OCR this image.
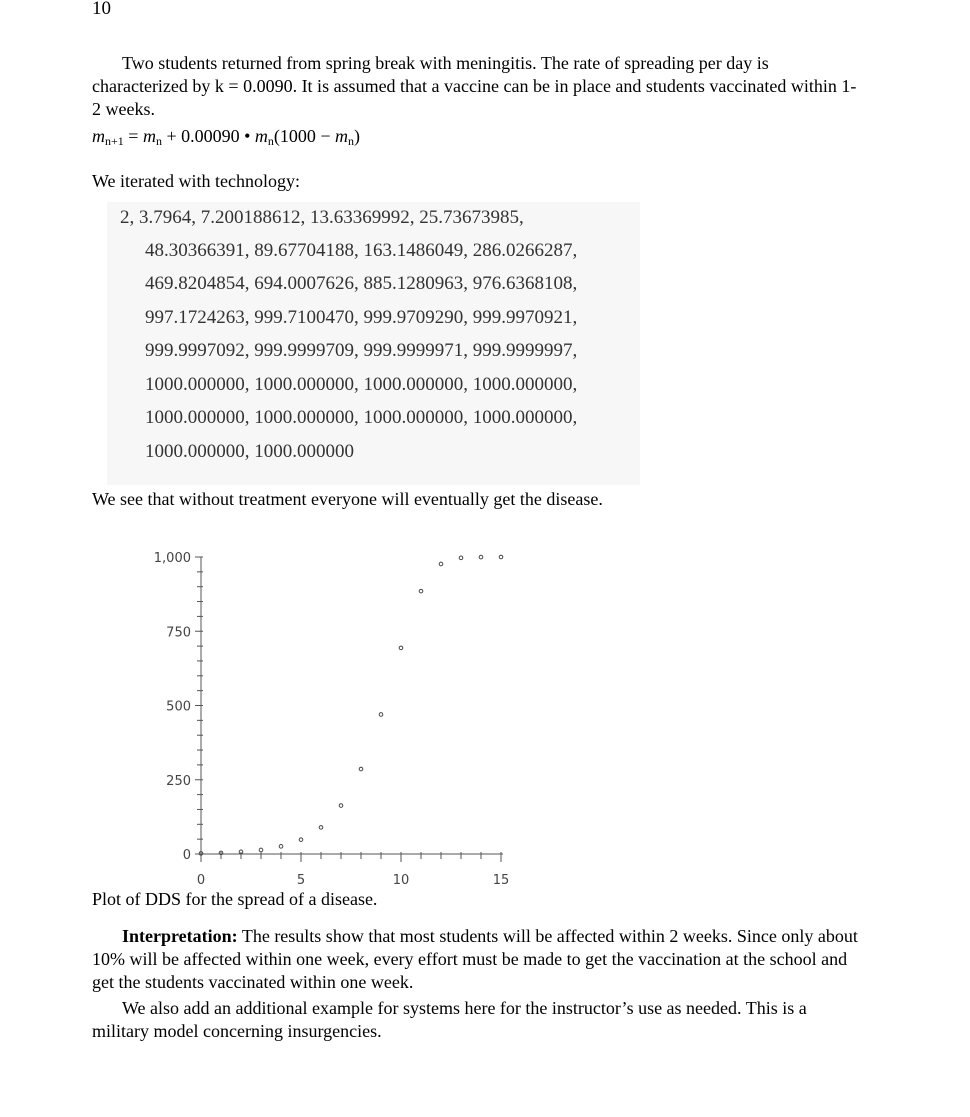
10

Two students returned from spring break with meningitis. The rate of spreading per day is characterized by k = 0.0090. It is assumed that a vaccine can be in place and students vaccinated within 1-2 weeks.

$m_{n+1} = m_n + 0.00090$ • $m_n(1000 - m_n)$

We iterated with technology:

2, 3.7964, 7.200188612, 13.63369992, 25.73673985,
48.30366391, 89.67704188, 163.1486049, 286.0266287,
469.8204854, 694.0007626, 885.1280963, 976.6368108,
997.1724263, 999.7100470, 999.9709290, 999.9970921,
999.9997092, 999.9999709, 999.9999971, 999.9999997,
1000.000000, 1000.000000, 1000.000000, 1000.000000,
1000.000000, 1000.000000, 1000.000000, 1000.000000,
1000.000000, 1000.000000

We see that without treatment everyone will eventually get the disease.

0
250
500
750
1,000
0	5	10	15
Plot of DDS for the spread of a disease.

Interpretation: The results show that most students will be affected within 2 weeks. Since only about 10% will be affected within one week, every effort must be made to get the vaccination at the school and get the students vaccinated within one week.

We also add an additional example for systems here for the instructor’s use as needed. This is a military model concerning insurgencies.
